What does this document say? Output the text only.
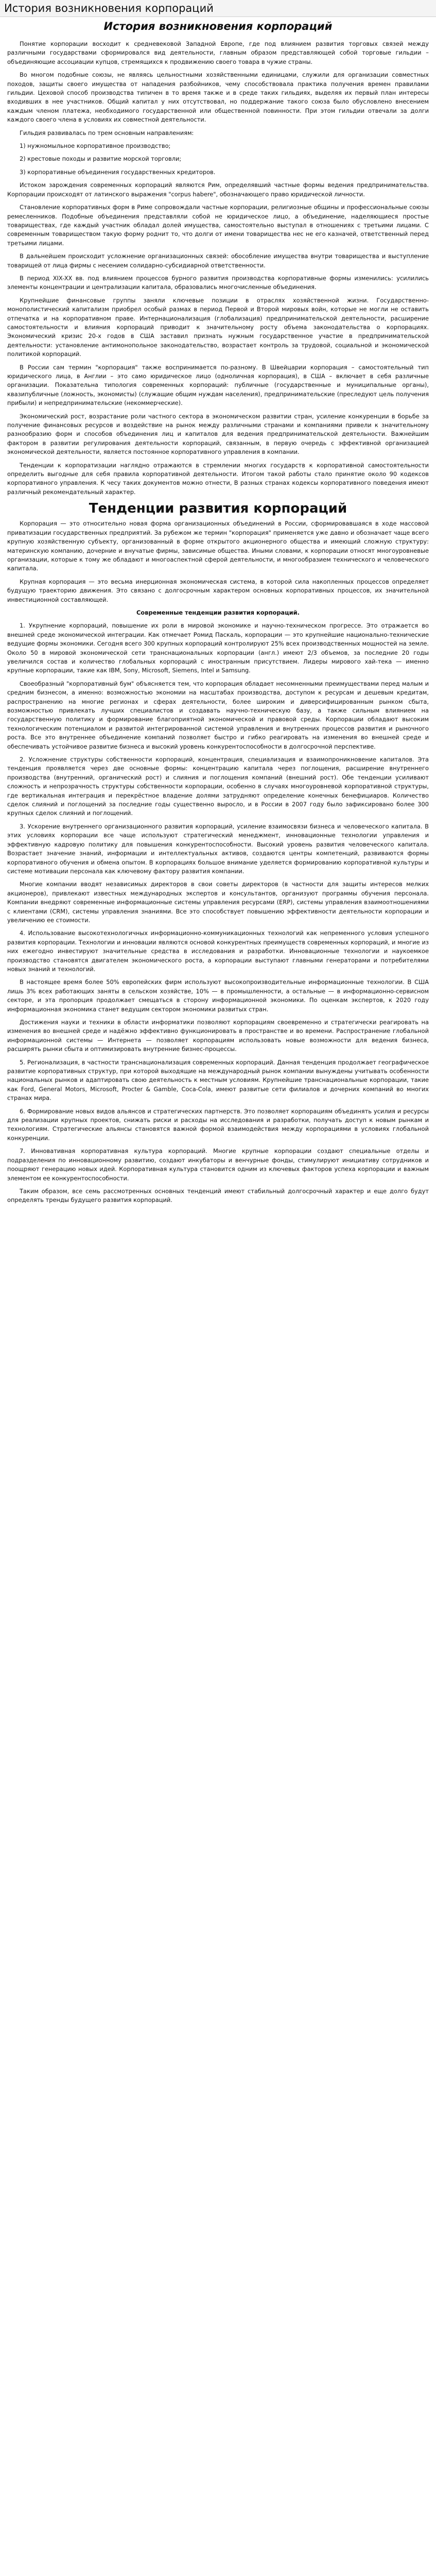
История возникновения корпораций
История возникновения корпораций

Понятие корпорации восходит к средневековой Западной Европе, где под влиянием развития торговых связей между различными государствами сформировался вид деятельности, главным образом представляющей собой торговые гильдии – объединяющие ассоциации купцов, стремящихся к продвижению своего товара в чужие страны.

Во многом подобные союзы, не являясь цельностными хозяйственными единицами, служили для организации совместных походов, защиты своего имущества от нападения разбойников, чему способствовала практика получения времен правилами гильдии. Цеховой способ производства типичен в то время также и в среде таких гильдиях, выделяя их первый план интересы входивших в нее участников. Общий капитал у них отсутствовал, но поддержание такого союза было обусловлено внесением каждым членом платежа, необходимого государственной или общественной повинности. При этом гильдии отвечали за долги каждого своего члена в условиях их совместной деятельности.

Гильдия развивалась по трем основным направлениям:

1) нужномыльное корпоративное производство;

2) крестовые походы и развитие морской торговли;

3) корпоративные объединения государственных кредиторов.

Истоком зарождения современных корпораций являются Рим, определявший частные формы ведения предпринимательства. Корпорации происходят от латинского выражения "corpus habere", обозначающего право юридической личности.

Становление корпоративных форм в Риме сопровождали частные корпорации, религиозные общины и профессиональные союзы ремесленников. Подобные объединения представляли собой не юридическое лицо, а объединение, наделяющиеся простые товариществах, где каждый участник обладал долей имущества, самостоятельно выступал в отношениях с третьими лицами. С современным товариществом такую форму роднит то, что долги от имени товарищества нес не его казначей, ответственный перед третьими лицами.

В дальнейшем происходит усложнение организационных связей: обособление имущества внутри товарищества и выступление товарищей от лица фирмы с несением солидарно-субсидиарной ответственности.

В период XIX-XX вв. под влиянием процессов бурного развития производства корпоративные формы изменились: усилились элементы концентрации и централизации капитала, образовались многочисленные объединения.

Крупнейшие финансовые группы заняли ключевые позиции в отраслях хозяйственной жизни. Государственно-монополистический капитализм приобрел особый размах в период Первой и Второй мировых войн, которые не могли не оставить отпечатка и на корпоративном праве. Интернационализация (глобализация) предпринимательской деятельности, расширение самостоятельности и влияния корпораций приводит к значительному росту объема законодательства о корпорациях. Экономический кризис 20-х годов в США заставил признать нужным государственное участие в предпринимательской деятельности: установление антимонопольное законодательство, возрастает контроль за трудовой, социальной и экономической политикой корпораций.

В России сам термин "корпорация" также воспринимается по-разному. В Швейцарии корпорация – самостоятельный тип юридического лица, в Англии – это само юридическое лицо (одноличная корпорация), в США – включает в себя различные организации. Показательна типология современных корпораций: публичные (государственные и муниципальные органы), квазипубличные (ложность, экономисты) (служащие общим нуждам населения), предпринимательские (преследуют цель получения прибыли) и непредпринимательские (некоммерческие).

Экономический рост, возрастание роли частного сектора в экономическом развитии стран, усиление конкуренции в борьбе за получение финансовых ресурсов и воздействие на рынок между различными странами и компаниями привели к значительному разнообразию форм и способов объединения лиц и капиталов для ведения предпринимательской деятельности. Важнейшим фактором в развитии регулирования деятельности корпораций, связанным, в первую очередь с эффективной организацией экономической деятельности, является постоянное корпоративного управления в компании.

Тенденции к корпоратизации наглядно отражаются в стремлении многих государств к корпоративной самостоятельности определить выгодные для себя правила корпоративной деятельности. Итогом такой работы стало принятие около 90 кодексов корпоративного управления. К чесу таких документов можно отнести, В разных странах кодексы корпоративного поведения имеют различный рекомендательный характер.

Тенденции развития корпораций

Корпорация — это относительно новая форма организационных объединений в России, сформировавшаяся в ходе массовой приватизации государственных предприятий. За рубежом же термин "корпорация" применяется уже давно и обозначает чаще всего крупную хозяйственную субъекту, организованный в форме открытого акционерного общества и имеющий сложную структуру: материнскую компанию, дочерние и внучатые фирмы, зависимые общества. Иными словами, к корпорации относят многоуровневые организации, которые к тому же обладают и многоаспектной сферой деятельности, и многообразием технического и человеческого капитала.

Крупная корпорация — это весьма инерционная экономическая система, в которой сила накопленных процессов определяет будущую траекторию движения. Это связано с долгосрочным характером основных корпоративных процессов, их значительной инвестиционной составляющей.

Современные тенденции развития корпораций.

1. Укрупнение корпораций, повышение их роли в мировой экономике и научно-техническом прогрессе. Это отражается во внешней среде экономической интеграции. Как отмечает Ромид Паскаль, корпорации — это крупнейшие национально-технические ведущие формы экономики. Сегодня всего 300 крупных корпораций контролируют 25% всех производственных мощностей на земле. Около 50 в мировой экономической сети транснациональных корпорации (англ.) имеют 2/3 объемов, за последние 20 годы увеличился состав и количество глобальных корпораций с иностранным присутствием. Лидеры мирового хай-тека — именно крупные корпорации, такие как IBM, Sony, Microsoft, Siemens, Intel и Samsung.

Своеобразный "корпоративный бум" объясняется тем, что корпорация обладает несомненными преимуществами перед малым и средним бизнесом, а именно: возможностью экономии на масштабах производства, доступом к ресурсам и дешевым кредитам, распространению на многие регионах и сферах деятельности, более широким и диверсифицированным рынком сбыта, возможностью привлекать лучших специалистов и создавать научно-техническую базу, а также сильным влиянием на государственную политику и формирование благоприятной экономической и правовой среды. Корпорации обладают высоким технологическим потенциалом и развитой интегрированной системой управления и внутренних процессов развития и рыночного роста. Все это внутреннее объединение компаний позволяет быстро и гибко реагировать на изменения во внешней среде и обеспечивать устойчивое развитие бизнеса и высокий уровень конкурентоспособности в долгосрочной перспективе.

2. Усложнение структуры собственности корпораций, концентрация, специализация и взаимопроникновение капиталов. Эта тенденция проявляется через две основные формы: концентрацию капитала через поглощения, расширение внутреннего производства (внутренний, органический рост) и слияния и поглощения компаний (внешний рост). Обе тенденции усиливают сложность и непрозрачность структуры собственности корпорации, особенно в случаях многоуровневой корпоративной структуры, где вертикальная интеграция и перекрёстное владение долями затрудняют определение конечных бенефициаров. Количество сделок слияний и поглощений за последние годы существенно выросло, и в России в 2007 году было зафиксировано более 300 крупных сделок слияний и поглощений.

3. Ускорение внутреннего организационного развития корпораций, усиление взаимосвязи бизнеса и человеческого капитала. В этих условиях корпорации все чаще используют стратегический менеджмент, инновационные технологии управления и эффективную кадровую политику для повышения конкурентоспособности. Высокий уровень развития человеческого капитала. Возрастает значение знаний, информации и интеллектуальных активов, создаются центры компетенций, развиваются формы корпоративного обучения и обмена опытом. В корпорациях большое внимание уделяется формированию корпоративной культуры и системе мотивации персонала как ключевому фактору развития компании.

Многие компании вводят независимых директоров в свои советы директоров (в частности для защиты интересов мелких акционеров), привлекают известных международных экспертов и консультантов, организуют программы обучения персонала. Компании внедряют современные информационные системы управления ресурсами (ERP), системы управления взаимоотношениями с клиентами (CRM), системы управления знаниями. Все это способствует повышению эффективности деятельности корпорации и увеличению ее стоимости.

4. Использование высокотехнологичных информационно-коммуникационных технологий как непременного условия успешного развития корпорации. Технологии и инновации являются основой конкурентных преимуществ современных корпораций, и многие из них ежегодно инвестируют значительные средства в исследования и разработки. Инновационные технологии и наукоемкое производство становятся двигателем экономического роста, а корпорации выступают главными генераторами и потребителями новых знаний и технологий.

В настоящее время более 50% европейских фирм используют высокопроизводительные информационные технологии. В США лишь 3% всех работающих заняты в сельском хозяйстве, 10% — в промышленности, а остальные — в информационно-сервисном секторе, и эта пропорция продолжает смещаться в сторону информационной экономики. По оценкам экспертов, к 2020 году информационная экономика станет ведущим сектором экономики развитых стран.

Достижения науки и техники в области информатики позволяют корпорациям своевременно и стратегически реагировать на изменения во внешней среде и надёжно эффективно функционировать в пространстве и во времени. Распространение глобальной информационной системы — Интернета — позволяет корпорациям использовать новые возможности для ведения бизнеса, расширять рынки сбыта и оптимизировать внутренние бизнес-процессы.

5. Регионализация, в частности транснационализация современных корпораций. Данная тенденция продолжает географическое развитие корпоративных структур, при которой выходящие на международный рынок компании вынуждены учитывать особенности национальных рынков и адаптировать свою деятельность к местным условиям. Крупнейшие транснациональные корпорации, такие как Ford, General Motors, Microsoft, Procter & Gamble, Coca-Cola, имеют развитые сети филиалов и дочерних компаний во многих странах мира.

6. Формирование новых видов альянсов и стратегических партнерств. Это позволяет корпорациям объединять усилия и ресурсы для реализации крупных проектов, снижать риски и расходы на исследования и разработки, получать доступ к новым рынкам и технологиям. Стратегические альянсы становятся важной формой взаимодействия между корпорациями в условиях глобальной конкуренции.

7. Инновативная корпоративная культура корпораций. Многие крупные корпорации создают специальные отделы и подразделения по инновационному развитию, создают инкубаторы и венчурные фонды, стимулируют инициативу сотрудников и поощряют генерацию новых идей. Корпоративная культура становится одним из ключевых факторов успеха корпорации и важным элементом ее конкурентоспособности.

Таким образом, все семь рассмотренных основных тенденций имеют стабильный долгосрочный характер и еще долго будут определять тренды будущего развития корпораций.
